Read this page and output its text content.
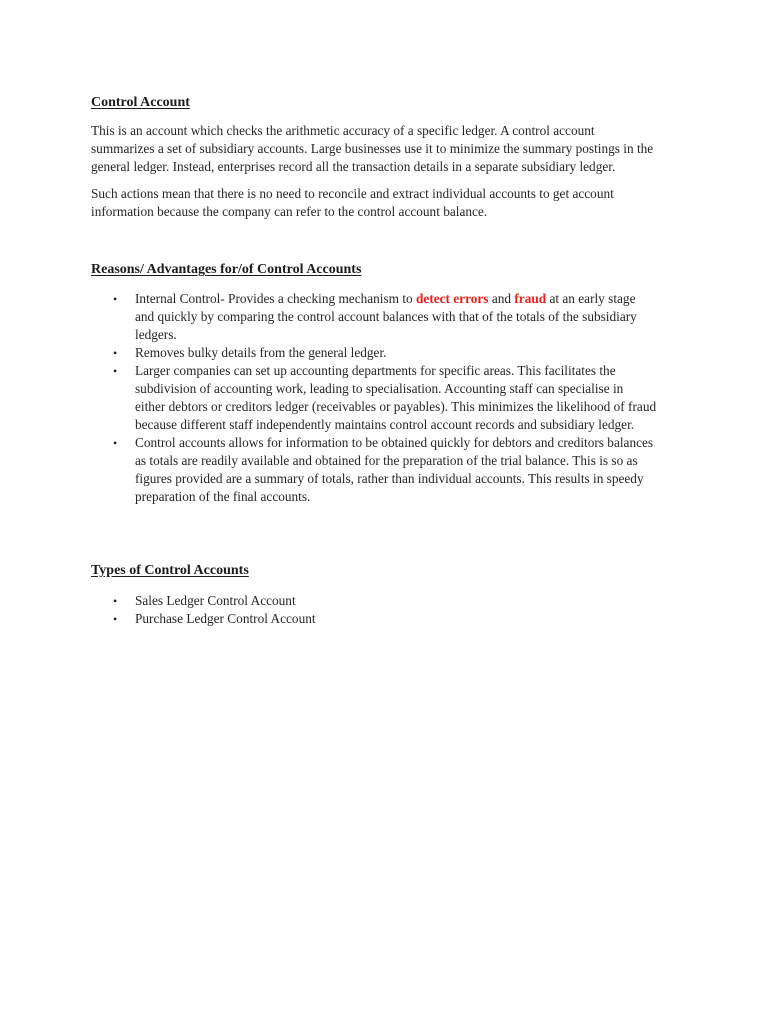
Control Account
This is an account which checks the arithmetic accuracy of a specific ledger. A control account
summarizes a set of subsidiary accounts. Large businesses use it to minimize the summary postings in the
general ledger. Instead, enterprises record all the transaction details in a separate subsidiary ledger.
Such actions mean that there is no need to reconcile and extract individual accounts to get account
information because the company can refer to the control account balance.
Reasons/ Advantages for/of Control Accounts
•	Internal Control- Provides a checking mechanism to detect errors and fraud at an early stage
and quickly by comparing the control account balances with that of the totals of the subsidiary
ledgers.
•	Removes bulky details from the general ledger.
•	Larger companies can set up accounting departments for specific areas. This facilitates the
subdivision of accounting work, leading to specialisation. Accounting staff can specialise in
either debtors or creditors ledger (receivables or payables). This minimizes the likelihood of fraud
because different staff independently maintains control account records and subsidiary ledger.
•	Control accounts allows for information to be obtained quickly for debtors and creditors balances
as totals are readily available and obtained for the preparation of the trial balance. This is so as
figures provided are a summary of totals, rather than individual accounts. This results in speedy
preparation of the final accounts.
Types of Control Accounts
•	Sales Ledger Control Account
•	Purchase Ledger Control Account
